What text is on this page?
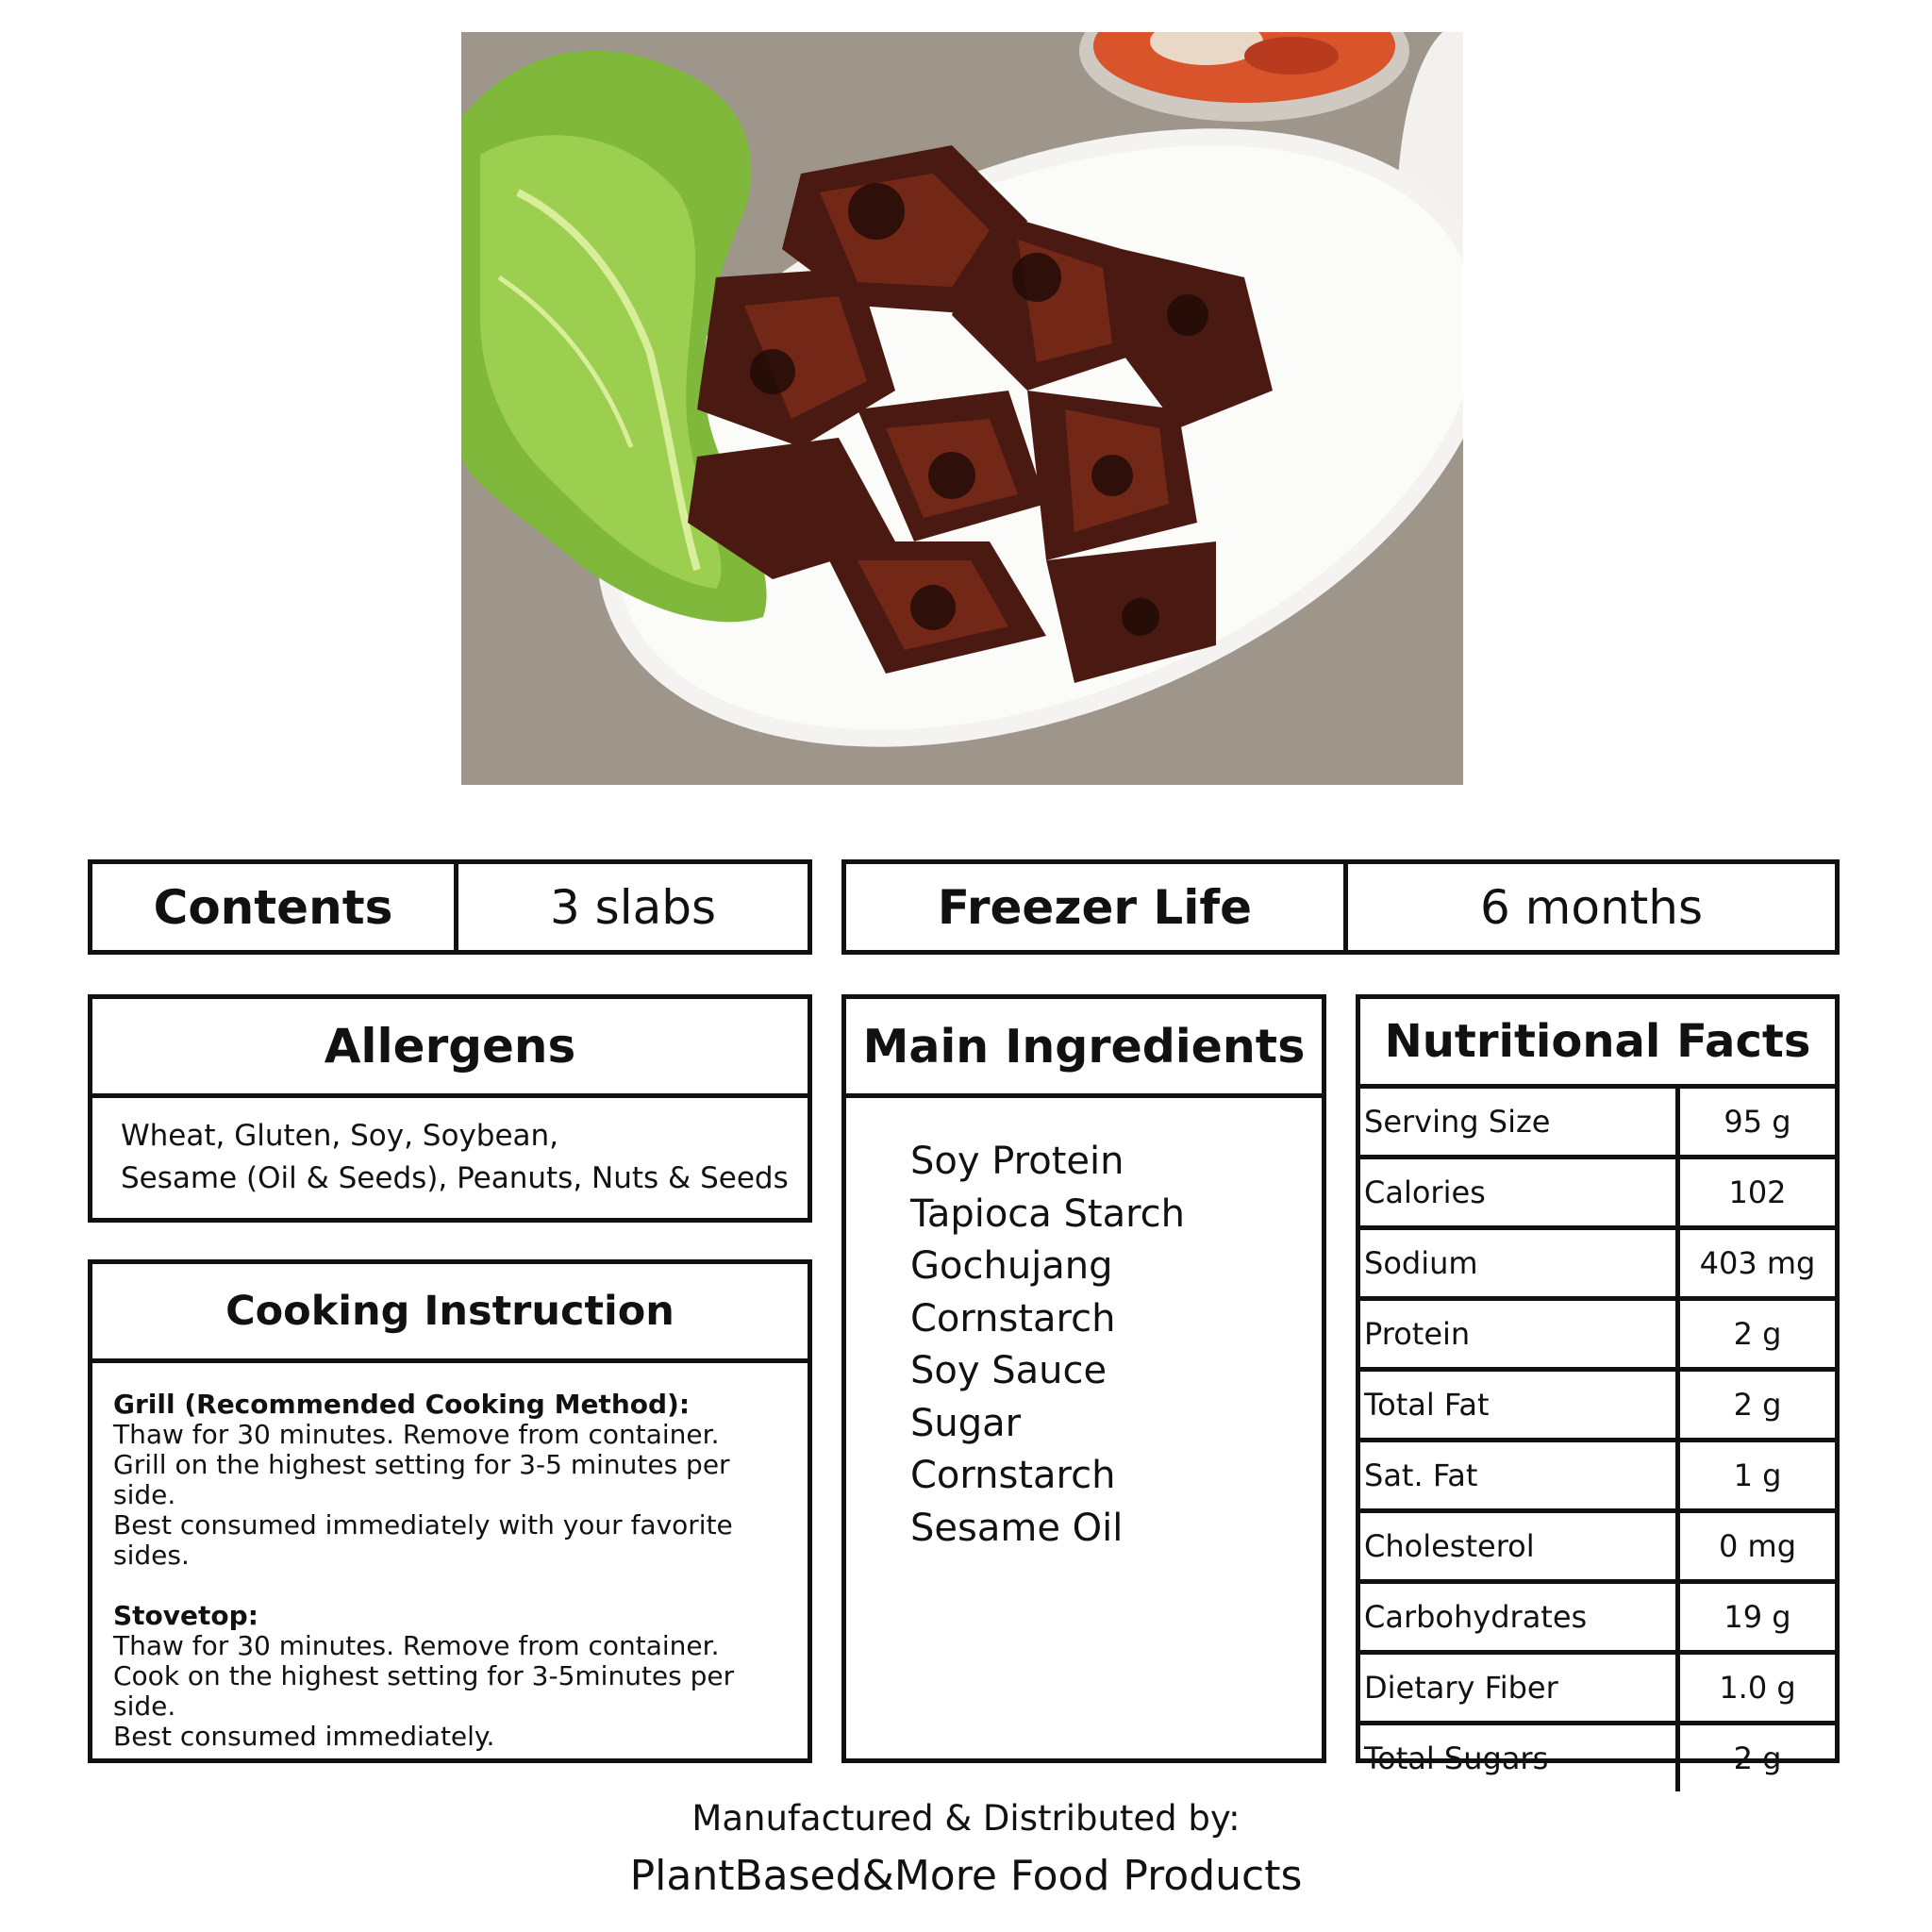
Contents	3 slabs	Freezer Life	6 months
Allergens
Wheat, Gluten, Soy, Soybean,
Sesame (Oil & Seeds), Peanuts, Nuts & Seeds
Cooking Instruction
Grill (Recommended Cooking Method):
Thaw for 30 minutes. Remove from container.
Grill on the highest setting for 3-5 minutes per side.
Best consumed immediately with your favorite
sides.
Stovetop:
Thaw for 30 minutes. Remove from container.
Cook on the highest setting for 3-5minutes per side.
Best consumed immediately.
Main Ingredients
Soy Protein
Tapioca Starch
Gochujang
Cornstarch
Soy Sauce
Sugar
Cornstarch
Sesame Oil
Nutritional Facts
Serving Size	95 g
Calories	102
Sodium	403 mg
Protein	2 g
Total Fat	2 g
Sat. Fat	1 g
Cholesterol	0 mg
Carbohydrates	19 g
Dietary Fiber	1.0 g
Total Sugars	2 g
Manufactured & Distributed by:
PlantBased&More Food Products
